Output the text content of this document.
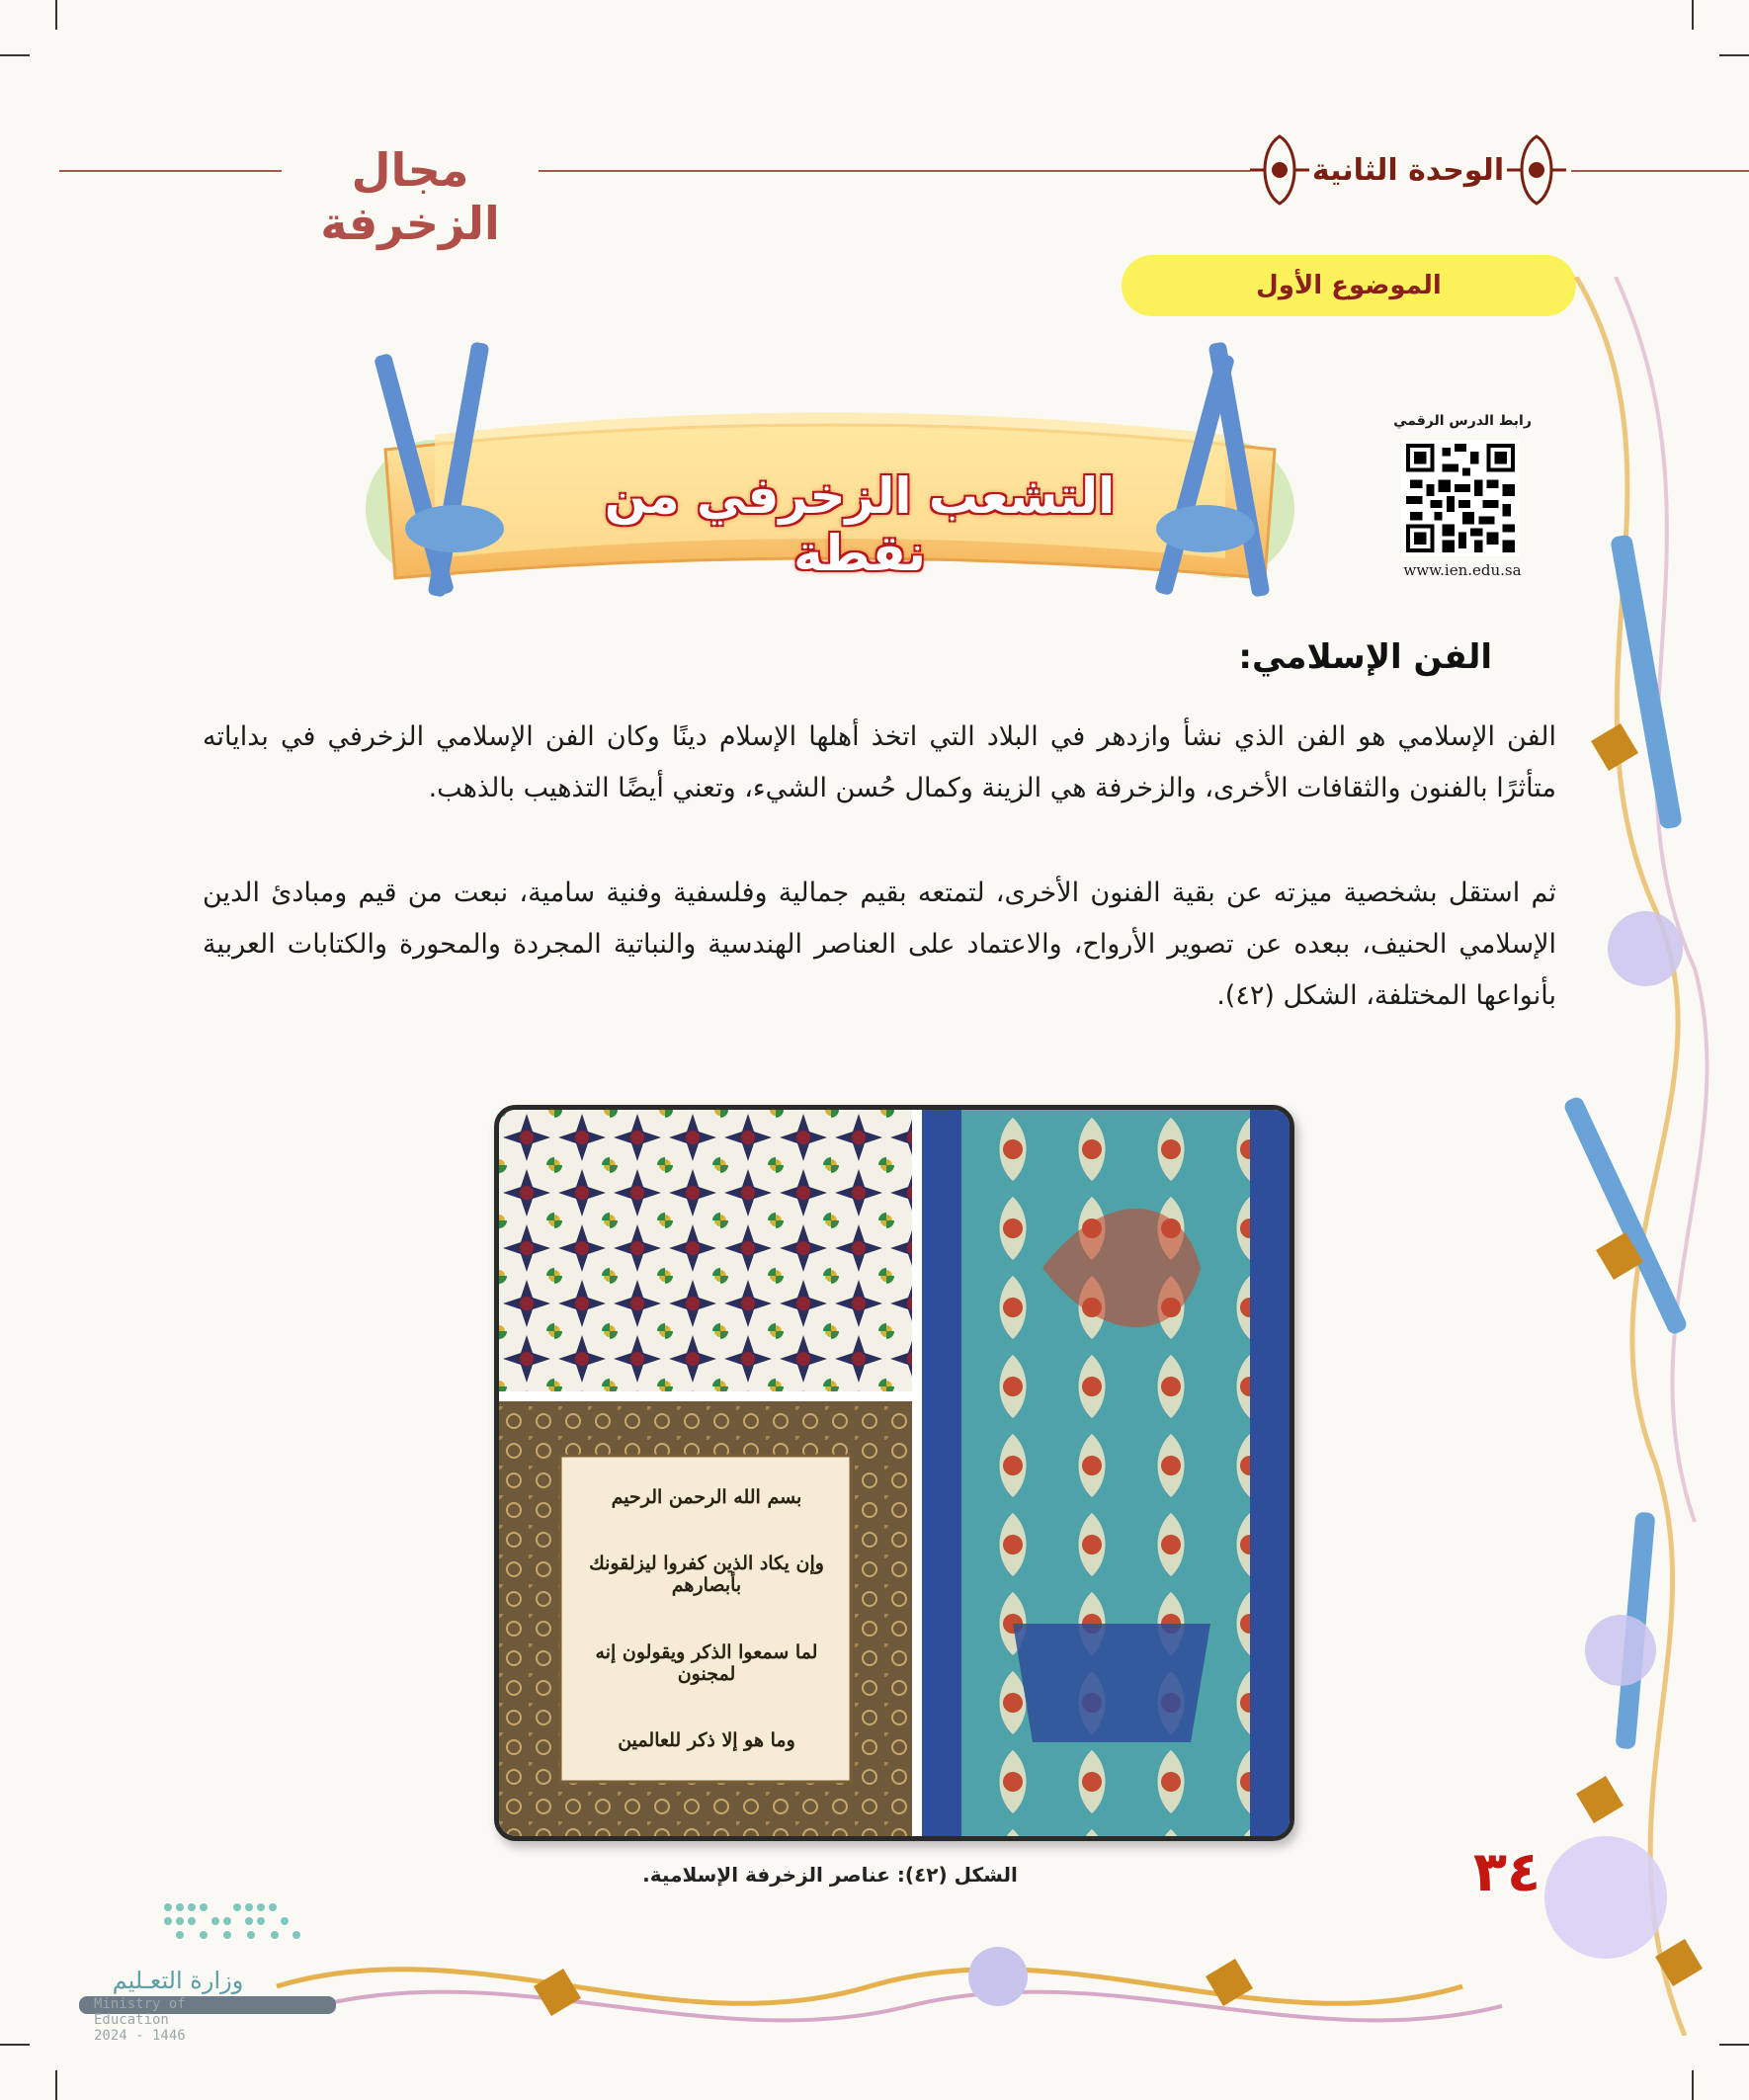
مجال الزخرفة
الوحدة الثانية
الموضوع الأول
التشعب الزخرفي من نقطة
رابط الدرس الرقمي
www.ien.edu.sa
الفن الإسلامي:
الفن الإسلامي هو الفن الذي نشأ وازدهر في البلاد التي اتخذ أهلها الإسلام دينًا وكان الفن الإسلامي الزخرفي في بداياته متأثرًا بالفنون والثقافات الأخرى، والزخرفة هي الزينة وكمال حُسن الشيء، وتعني أيضًا التذهيب بالذهب.
ثم استقل بشخصية ميزته عن بقية الفنون الأخرى، لتمتعه بقيم جمالية وفلسفية وفنية سامية، نبعت من قيم ومبادئ الدين الإسلامي الحنيف، ببعده عن تصوير الأرواح، والاعتماد على العناصر الهندسية والنباتية المجردة والمحورة والكتابات العربية بأنواعها المختلفة، الشكل (٤٢).
بسم الله الرحمن الرحيم
وإن يكاد الذين كفروا ليزلقونك بأبصارهم
لما سمعوا الذكر ويقولون إنه لمجنون
وما هو إلا ذكر للعالمين
الشكل (٤٢): عناصر الزخرفة الإسلامية.	٣٤
وزارة التعـليم
Ministry of Education
2024 - 1446
